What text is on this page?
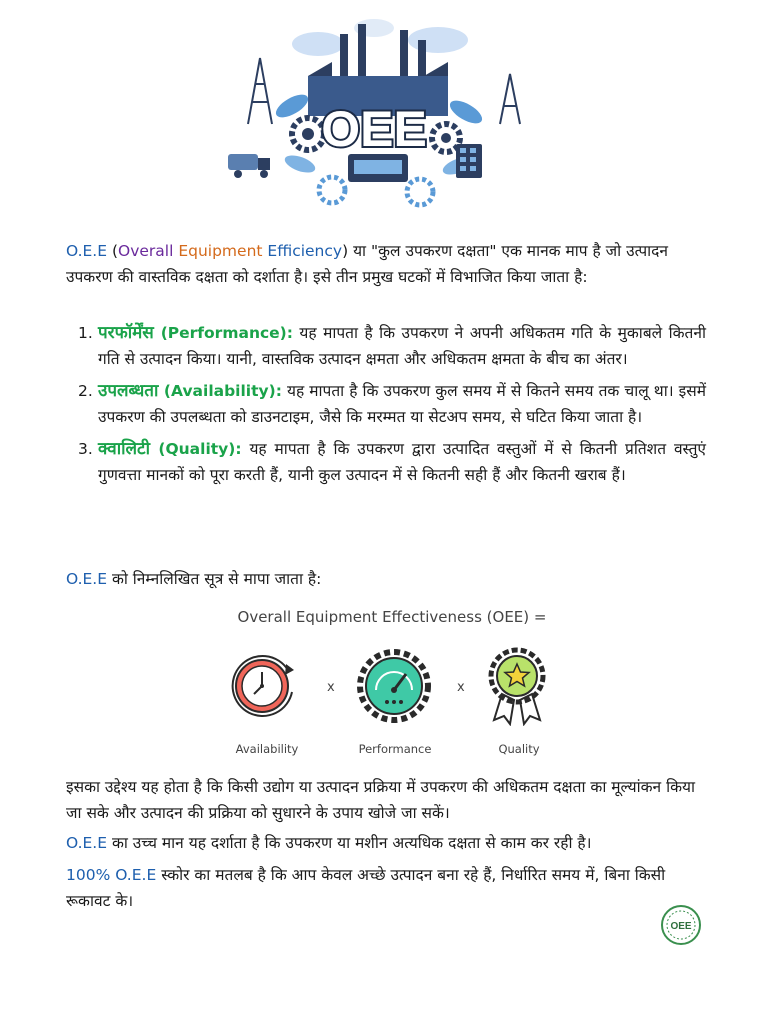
OEE
O.E.E (Overall Equipment Efficiency) या "कुल उपकरण दक्षता" एक मानक माप है जो उत्पादन उपकरण की वास्तविक दक्षता को दर्शाता है। इसे तीन प्रमुख घटकों में विभाजित किया जाता है:
1. परफॉर्मेंस (Performance): यह मापता है कि उपकरण ने अपनी अधिकतम गति के मुकाबले कितनी गति से उत्पादन किया। यानी, वास्तविक उत्पादन क्षमता और अधिकतम क्षमता के बीच का अंतर।
2. उपलब्धता (Availability): यह मापता है कि उपकरण कुल समय में से कितने समय तक चालू था। इसमें उपकरण की उपलब्धता को डाउनटाइम, जैसे कि मरम्मत या सेटअप समय, से घटित किया जाता है।
3. क्वालिटी (Quality): यह मापता है कि उपकरण द्वारा उत्पादित वस्तुओं में से कितनी प्रतिशत वस्तुएं गुणवत्ता मानकों को पूरा करती हैं, यानी कुल उत्पादन में से कितनी सही हैं और कितनी खराब हैं।
O.E.E को निम्नलिखित सूत्र से मापा जाता है:
Overall Equipment Effectiveness (OEE) =
x	x
Availability	Performance	Quality
इसका उद्देश्य यह होता है कि किसी उद्योग या उत्पादन प्रक्रिया में उपकरण की अधिकतम दक्षता का मूल्यांकन किया जा सके और उत्पादन की प्रक्रिया को सुधारने के उपाय खोजे जा सकें।
O.E.E का उच्च मान यह दर्शाता है कि उपकरण या मशीन अत्यधिक दक्षता से काम कर रही है।
100% O.E.E स्कोर का मतलब है कि आप केवल अच्छे उत्पादन बना रहे हैं, निर्धारित समय में, बिना किसी रूकावट के।
OEE
